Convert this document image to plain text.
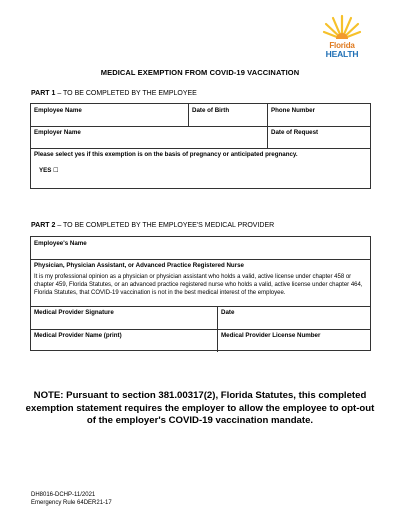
Florida
HEALTH
MEDICAL EXEMPTION FROM COVID-19 VACCINATION
PART 1 – TO BE COMPLETED BY THE EMPLOYEE
Employee Name	Date of Birth	Phone Number
Employer Name	Date of Request
Please select yes if this exemption is on the basis of pregnancy or anticipated pregnancy.
YES ☐
PART 2 – TO BE COMPLETED BY THE EMPLOYEE'S MEDICAL PROVIDER
Employee's Name
Physician, Physician Assistant, or Advanced Practice Registered Nurse
It is my professional opinion as a physician or physician assistant who holds a valid, active license under chapter 458 or chapter 459, Florida Statutes, or an advanced practice registered nurse who holds a valid, active license under chapter 464, Florida Statutes, that COVID-19 vaccination is not in the best medical interest of the employee.
Medical Provider Signature	Date
Medical Provider Name (print)	Medical Provider License Number
NOTE: Pursuant to section 381.00317(2), Florida Statutes, this completed exemption statement requires the employer to allow the employee to opt-out of the employer's COVID-19 vaccination mandate.
DH8016-DCHP-11/2021
Emergency Rule 64DER21-17
